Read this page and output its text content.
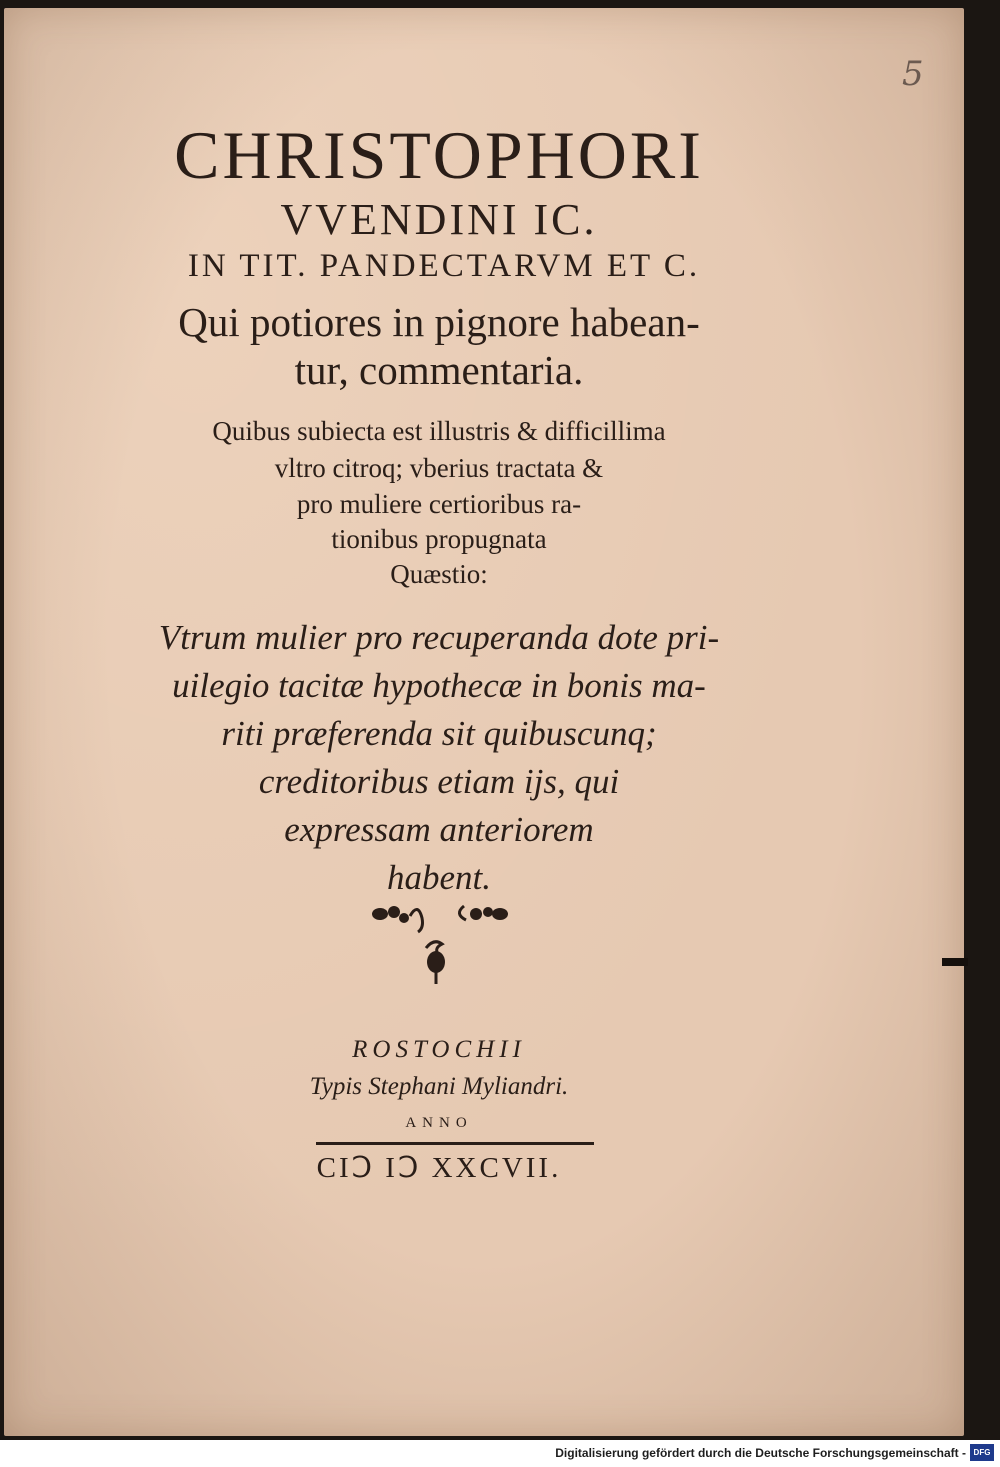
5

CHRISTOPHORI

VVENDINI IC.

IN TIT. PANDECTARVM ET C.

Qui potiores in pignore habean-

tur, commentaria.

Quibus subiecta est illustris & difficillima

vltro citroq; vberius tractata &

pro muliere certioribus ra-

tionibus propugnata

Quæstio:

Vtrum mulier pro recuperanda dote pri-

uilegio tacitæ hypothecæ in bonis ma-

riti præferenda sit quibuscunq;

creditoribus etiam ijs, qui

expressam anteriorem

habent.

ROSTOCHII

Typis Stephani Myliandri.

ANNO

CIↃ IↃ XXCVII.

Digitalisierung gefördert durch die Deutsche Forschungsgemeinschaft - DFG
